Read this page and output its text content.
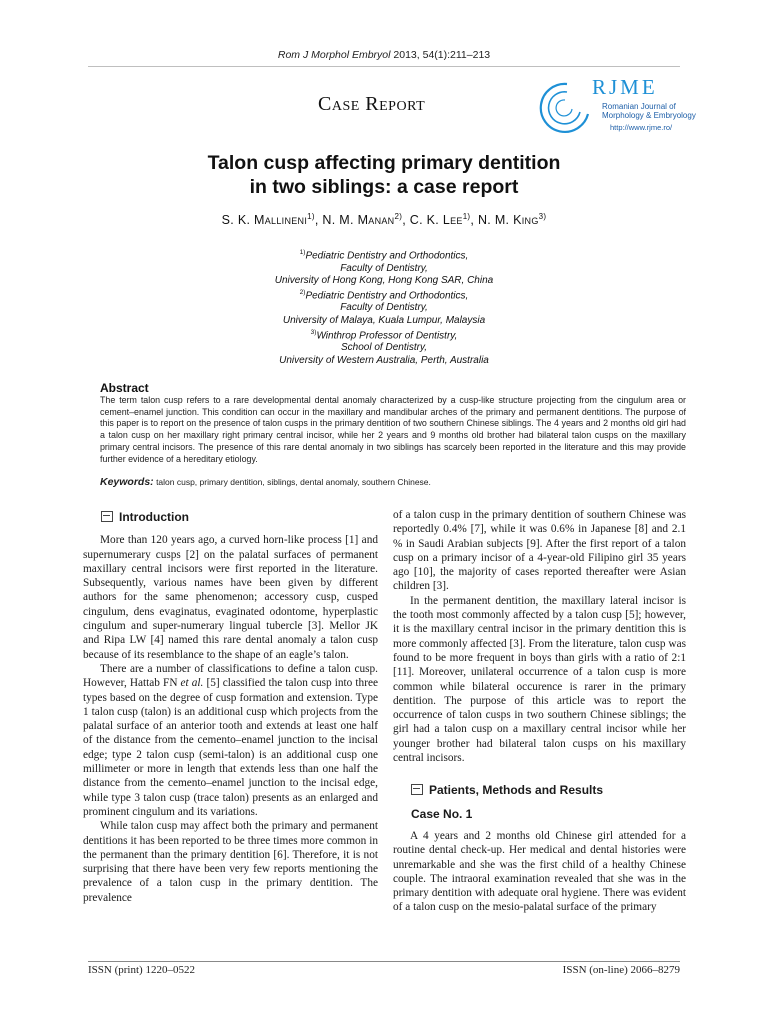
Rom J Morphol Embryol 2013, 54(1):211–213
RJME
Romanian Journal of
Morphology & Embryology
http://www.rjme.ro/
Case Report
Talon cusp affecting primary dentition
in two siblings: a case report
S. K. Mallineni$^{1)}$, N. M. Manan$^{2)}$, C. K. Lee$^{1)}$, N. M. King$^{3)}$
$^{1)}$Pediatric Dentistry and Orthodontics,
Faculty of Dentistry,
University of Hong Kong, Hong Kong SAR, China
$^{2)}$Pediatric Dentistry and Orthodontics,
Faculty of Dentistry,
University of Malaya, Kuala Lumpur, Malaysia
$^{3)}$Winthrop Professor of Dentistry,
School of Dentistry,
University of Western Australia, Perth, Australia
Abstract
The term talon cusp refers to a rare developmental dental anomaly characterized by a cusp-like structure projecting from the cingulum area or cement–enamel junction. This condition can occur in the maxillary and mandibular arches of the primary and permanent dentitions. The purpose of this paper is to report on the presence of talon cusps in the primary dentition of two southern Chinese siblings. The 4 years and 2 months old girl had a talon cusp on her maxillary right primary central incisor, while her 2 years and 9 months old brother had bilateral talon cusps on the maxillary primary central incisors. The presence of this rare dental anomaly in two siblings has scarcely been reported in the literature and this may provide further evidence of a hereditary etiology.
Keywords: talon cusp, primary dentition, siblings, dental anomaly, southern Chinese.
Introduction

More than 120 years ago, a curved horn-like process [1] and supernumerary cusps [2] on the palatal surfaces of permanent maxillary central incisors were first reported in the literature. Subsequently, various names have been given by different authors for the same phenomenon; accessory cusp, cusped cingulum, dens evaginatus, evaginated odontome, hyperplastic cingulum and super-numerary lingual tubercle [3]. Mellor JK and Ripa LW [4] named this rare dental anomaly a talon cusp because of its resemblance to the shape of an eagle’s talon.

There are a number of classifications to define a talon cusp. However, Hattab FN et al. [5] classified the talon cusp into three types based on the degree of cusp formation and extension. Type 1 talon cusp (talon) is an additional cusp which projects from the palatal surface of an anterior tooth and extends at least one half of the distance from the cemento–enamel junction to the incisal edge; type 2 talon cusp (semi-talon) is an additional cusp one millimeter or more in length that extends less than one half the distance from the cemento–enamel junction to the incisal edge, while type 3 talon cusp (trace talon) presents as an enlarged and prominent cingulum and its variations.

While talon cusp may affect both the primary and permanent dentitions it has been reported to be three times more common in the permanent than the primary dentition [6]. Therefore, it is not surprising that there have been very few reports mentioning the prevalence of a talon cusp in the primary dentition. The prevalence

of a talon cusp in the primary dentition of southern Chinese was reportedly 0.4% [7], while it was 0.6% in Japanese [8] and 2.1 % in Saudi Arabian subjects [9]. After the first report of a talon cusp on a primary incisor of a 4-year-old Filipino girl 35 years ago [10], the majority of cases reported thereafter were Asian children [3].

In the permanent dentition, the maxillary lateral incisor is the tooth most commonly affected by a talon cusp [5]; however, it is the maxillary central incisor in the primary dentition this is more commonly affected [3]. From the literature, talon cusp was found to be more frequent in boys than girls with a ratio of 2:1 [11]. Moreover, unilateral occurrence of a talon cusp is more common while bilateral occurence is rarer in the primary dentition. The purpose of this article was to report the occurrence of talon cusps in two southern Chinese siblings; the girl had a talon cusp on a maxillary central incisor while her younger brother had bilateral talon cusps on his maxillary central incisors.

Patients, Methods and Results
Case No. 1

A 4 years and 2 months old Chinese girl attended for a routine dental check-up. Her medical and dental histories were unremarkable and she was the first child of a healthy Chinese couple. The intraoral examination revealed that she was in the primary dentition with adequate oral hygiene. There was evident of a talon cusp on the mesio-palatal surface of the primary

ISSN (print) 1220–0522	ISSN (on-line) 2066–8279
